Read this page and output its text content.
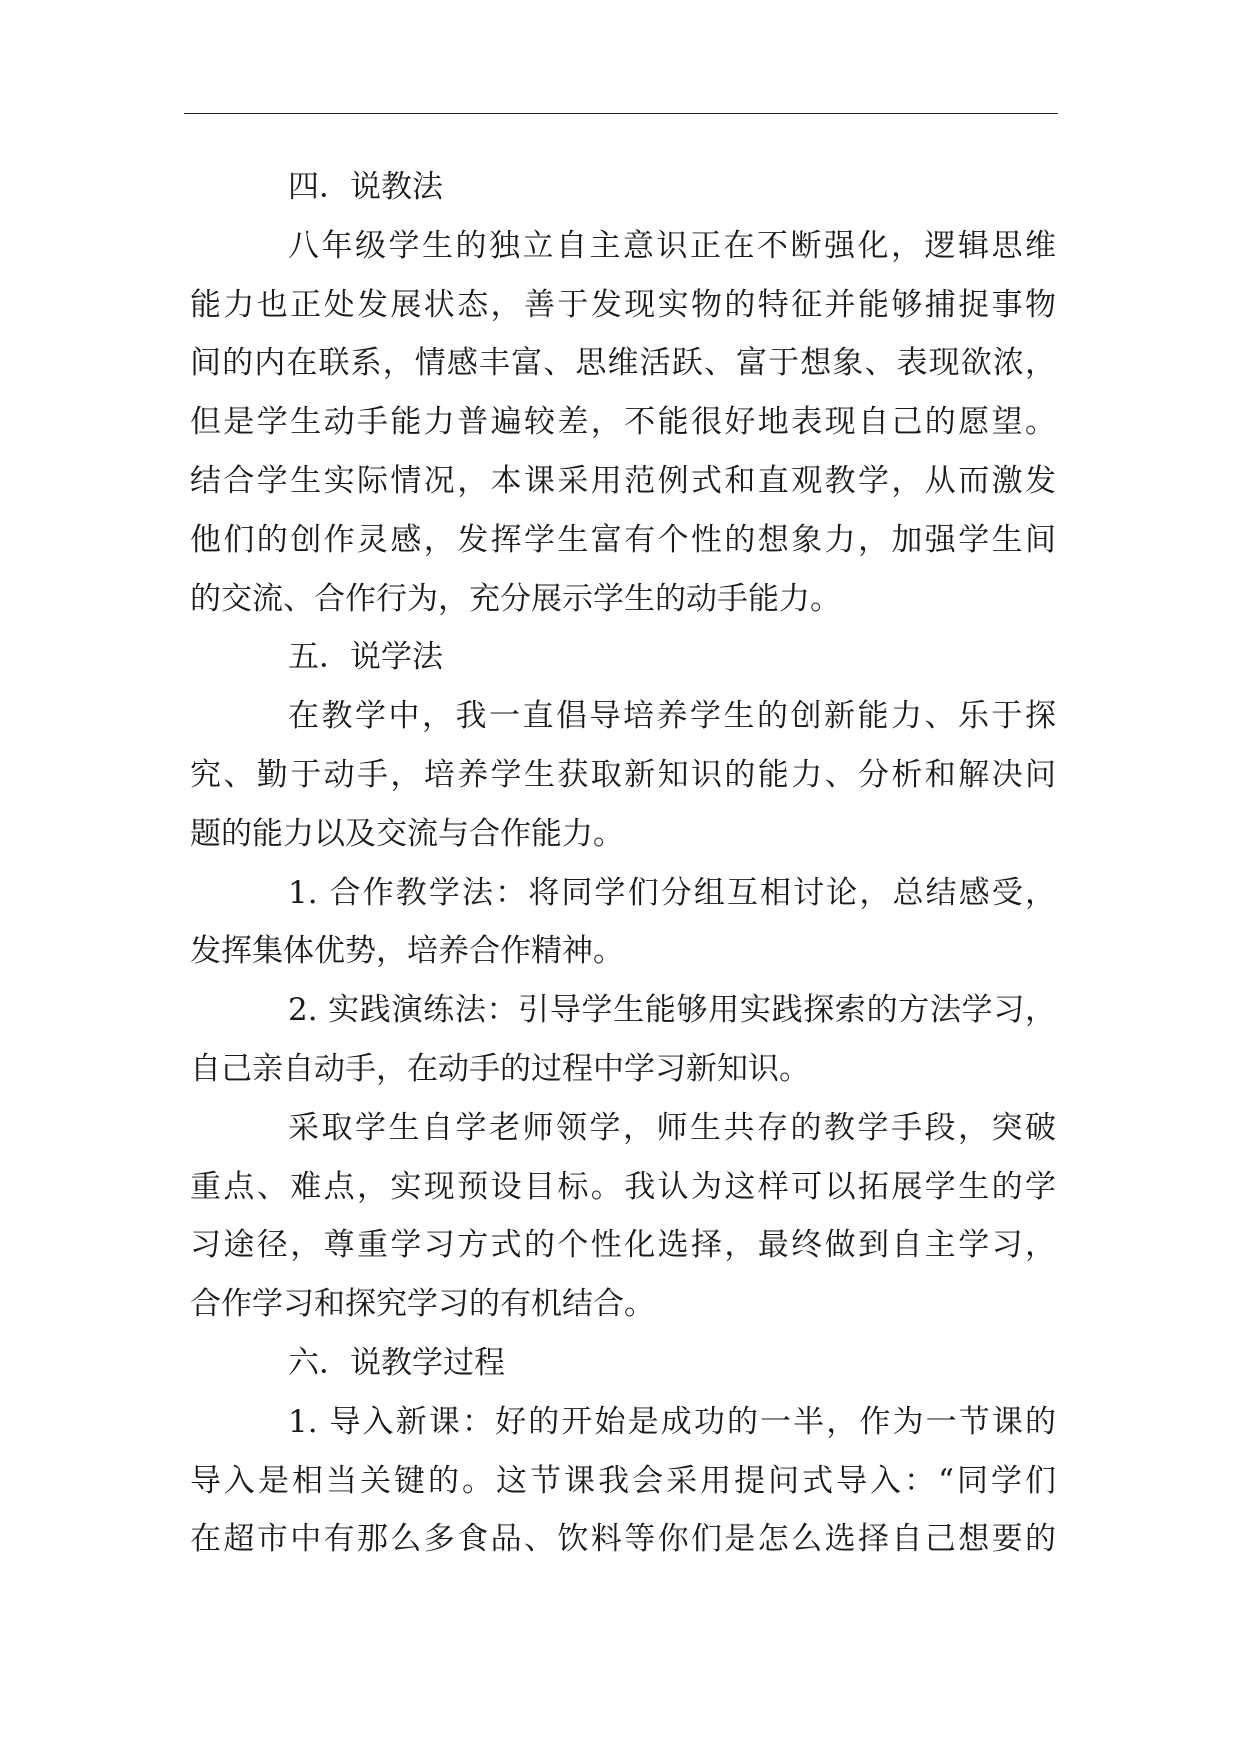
四．说教法
八年级学生的独立自主意识正在不断强化，逻辑思维
能力也正处发展状态，善于发现实物的特征并能够捕捉事物
间的内在联系，情感丰富、思维活跃、富于想象、表现欲浓，
但是学生动手能力普遍较差，不能很好地表现自己的愿望。
结合学生实际情况，本课采用范例式和直观教学，从而激发
他们的创作灵感，发挥学生富有个性的想象力，加强学生间
的交流、合作行为，充分展示学生的动手能力。
五．说学法
在教学中，我一直倡导培养学生的创新能力、乐于探
究、勤于动手，培养学生获取新知识的能力、分析和解决问
题的能力以及交流与合作能力。
1. 合作教学法：将同学们分组互相讨论，总结感受，
发挥集体优势，培养合作精神。
2. 实践演练法：引导学生能够用实践探索的方法学习，
自己亲自动手，在动手的过程中学习新知识。
采取学生自学老师领学，师生共存的教学手段，突破
重点、难点，实现预设目标。我认为这样可以拓展学生的学
习途径，尊重学习方式的个性化选择，最终做到自主学习，
合作学习和探究学习的有机结合。
六．说教学过程
1. 导入新课：好的开始是成功的一半，作为一节课的
导入是相当关键的。这节课我会采用提问式导入：“同学们
在超市中有那么多食品、饮料等你们是怎么选择自己想要的
